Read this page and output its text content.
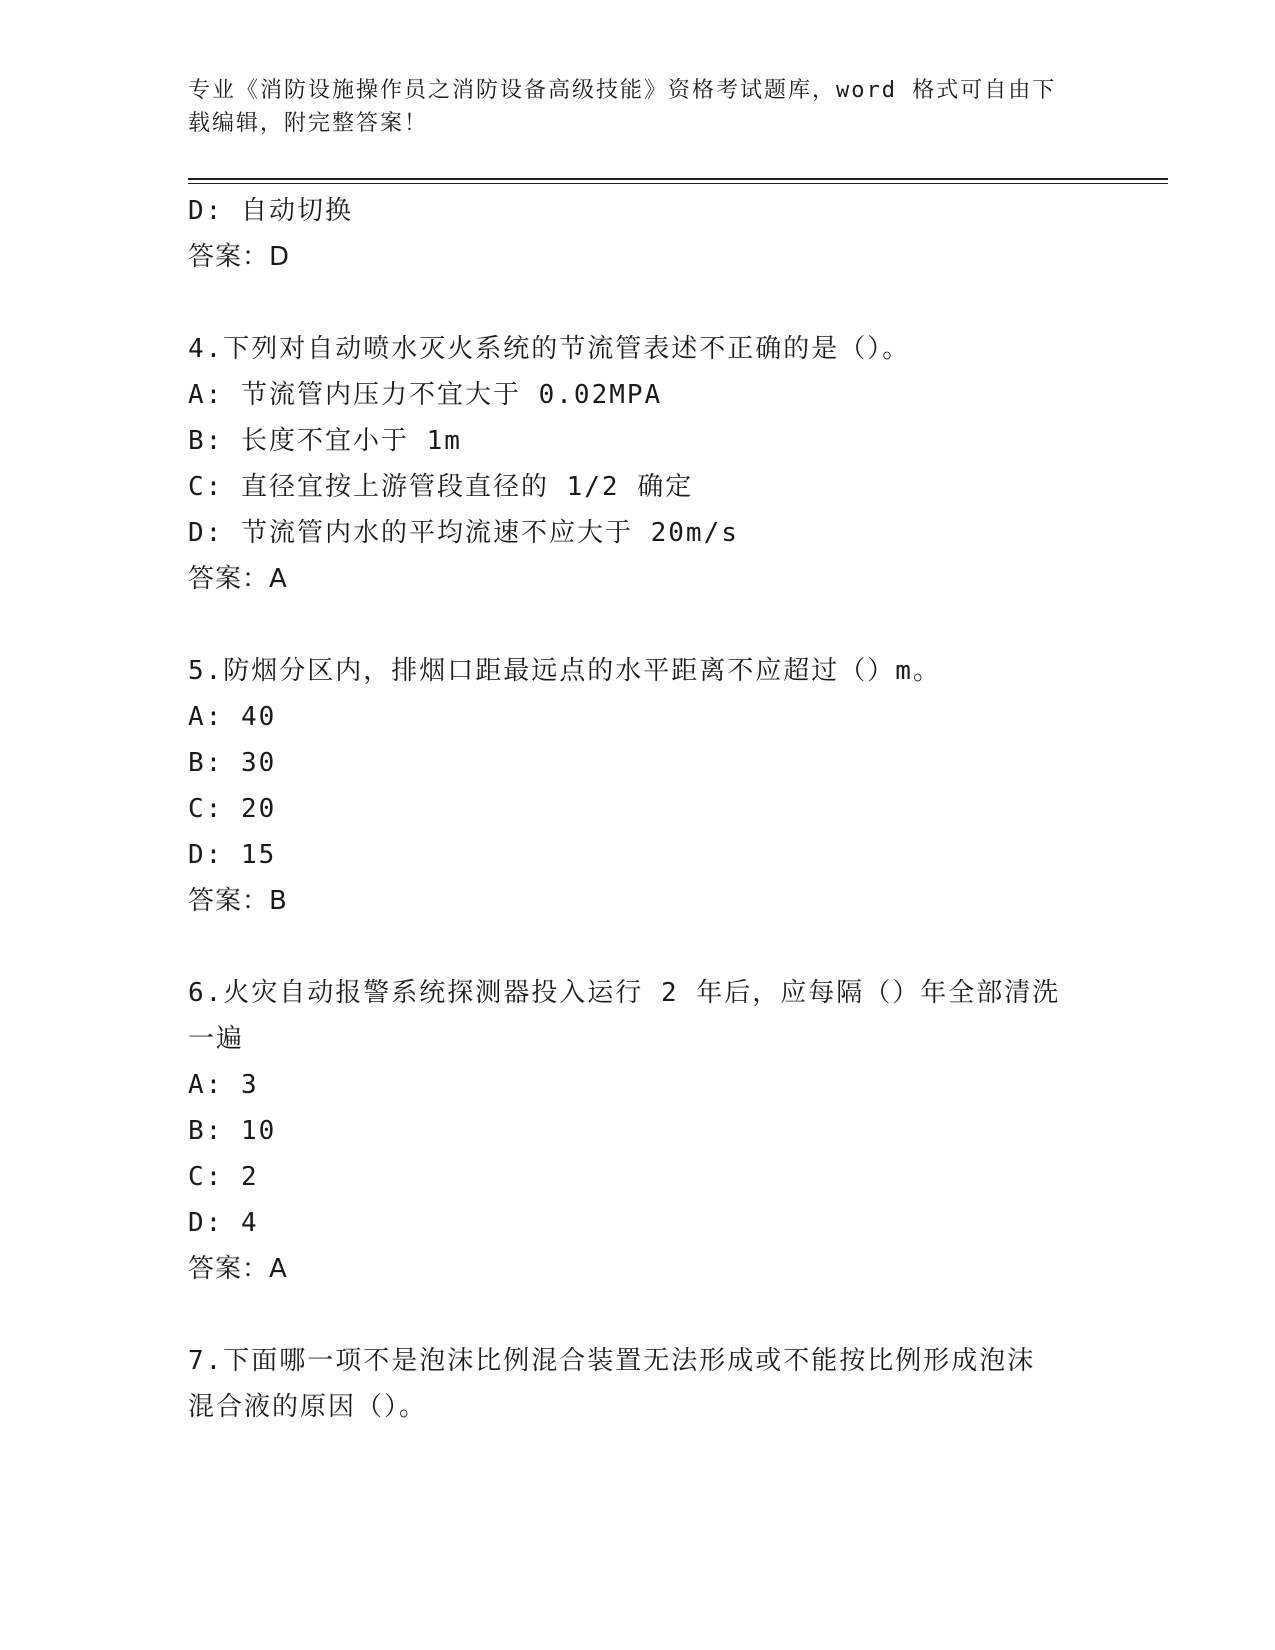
专业《消防设施操作员之消防设备高级技能》资格考试题库，word 格式可自由下
载编辑，附完整答案！
D: 自动切换
答案：D
4.下列对自动喷水灭火系统的节流管表述不正确的是（）。
A: 节流管内压力不宜大于 0.02MPA
B: 长度不宜小于 1m
C: 直径宜按上游管段直径的 1/2 确定
D: 节流管内水的平均流速不应大于 20m/s
答案：A
5.防烟分区内，排烟口距最远点的水平距离不应超过（）m。
A: 40
B: 30
C: 20
D: 15
答案：B
6.火灾自动报警系统探测器投入运行 2 年后，应每隔（）年全部清洗
一遍
A: 3
B: 10
C: 2
D: 4
答案：A
7.下面哪一项不是泡沫比例混合装置无法形成或不能按比例形成泡沫
混合液的原因（）。
